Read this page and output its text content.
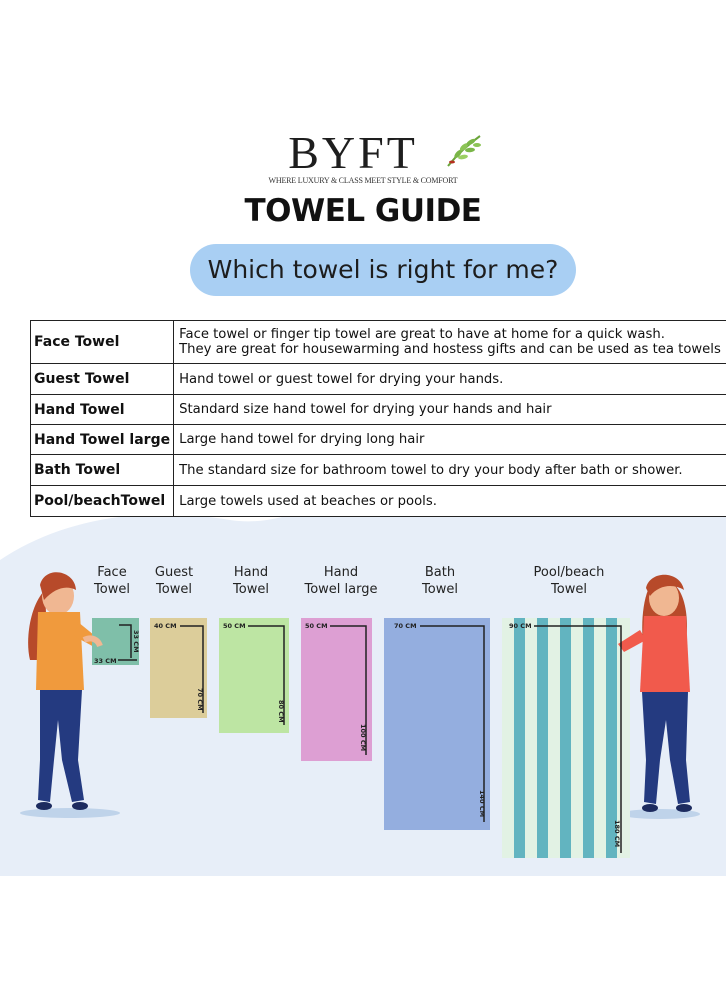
BYFT
WHERE LUXURY & CLASS MEET STYLE & COMFORT
TOWEL GUIDE
Which towel is right for me?
Face Towel	Face towel or finger tip towel are great to have at home for a quick wash.
They are great for housewarming and hostess gifts and can be used as tea towels

Guest Towel	Hand towel or guest towel for drying your hands.
Hand Towel	Standard size hand towel for drying your hands and hair
Hand Towel large	Large hand towel for drying long hair
Bath Towel	The standard size for bathroom towel to dry your body after bath or shower.
Pool/beachTowel	Large towels used at beaches or pools.
Face
Towel
Guest
Towel
Hand
Towel
Hand
Towel large
Bath
Towel
Pool/beach
Towel
33 CM
33 CM
40 CM
70 CM
50 CM
80 CM
50 CM
100 CM
70 CM
140 CM
90 CM
180 CM
